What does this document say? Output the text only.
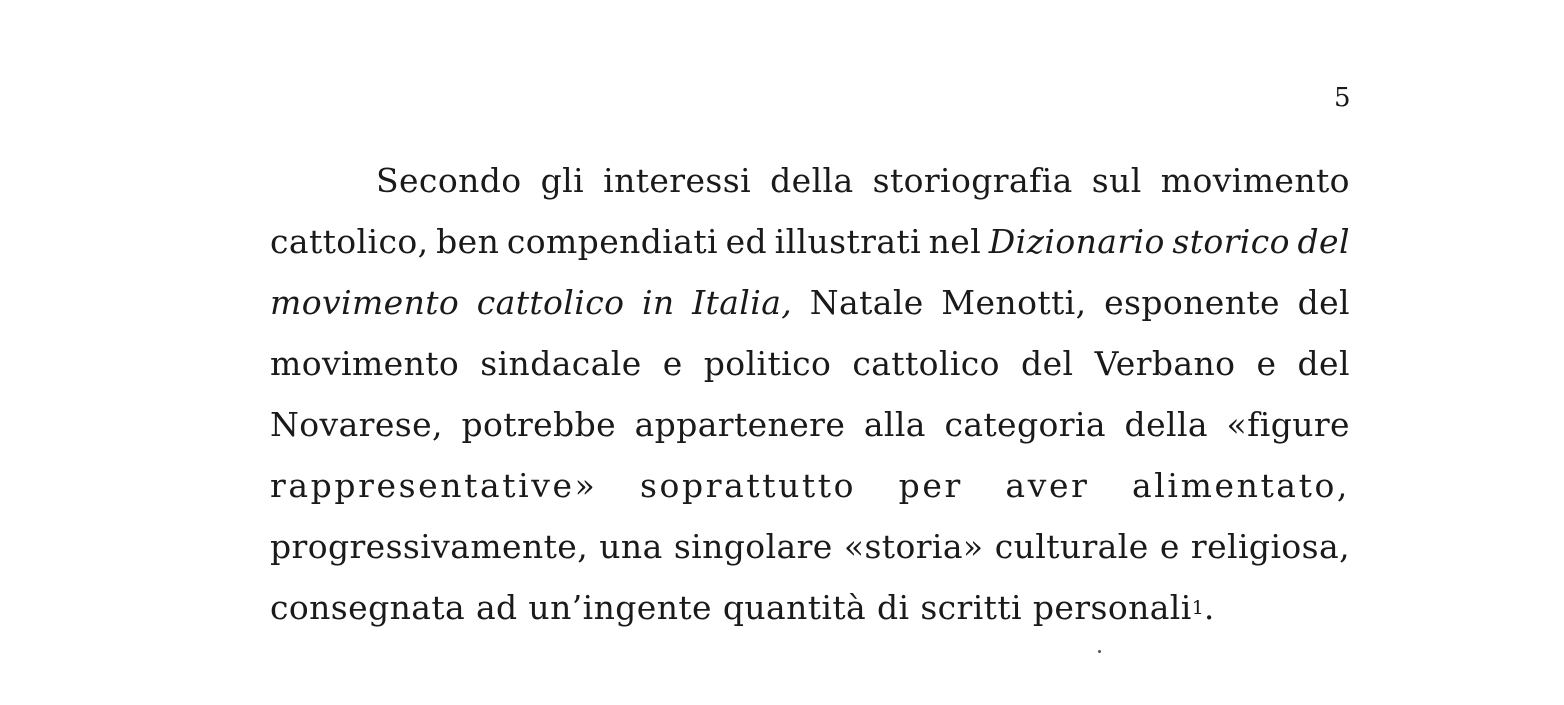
5
Secondo gli interessi della storiografia sul movimento
cattolico, ben compendiati ed illustrati nel Dizionario storico del
movimento cattolico in Italia, Natale Menotti, esponente del
movimento sindacale e politico cattolico del Verbano e del
Novarese, potrebbe appartenere alla categoria della «figure
rappresentative» soprattutto per aver alimentato,
progressivamente, una singolare «storia» culturale e religiosa,
consegnata ad un’ingente quantità di scritti personali 1 .
